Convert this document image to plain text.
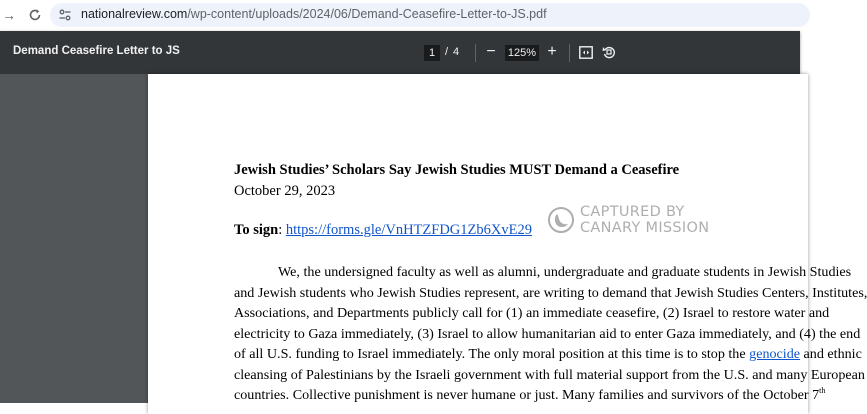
→	nationalreview.com/wp-content/uploads/2024/06/Demand-Ceasefire-Letter-to-JS.pdf
Demand Ceasefire Letter to JS	1 / 4 − 125% +
Jewish Studies’ Scholars Say Jewish Studies MUST Demand a Ceasefire
October 29, 2023
To sign: https://forms.gle/VnHTZFDG1Zb6XvE29
We, the undersigned faculty as well as alumni, undergraduate and graduate students in Jewish Studies
and Jewish students who Jewish Studies represent, are writing to demand that Jewish Studies Centers, Institutes,
Associations, and Departments publicly call for (1) an immediate ceasefire, (2) Israel to restore water and
electricity to Gaza immediately, (3) Israel to allow humanitarian aid to enter Gaza immediately, and (4) the end
of all U.S. funding to Israel immediately. The only moral position at this time is to stop the genocide and ethnic
cleansing of Palestinians by the Israeli government with full material support from the U.S. and many European
countries. Collective punishment is never humane or just. Many families and survivors of the October 7th
CAPTURED BY
CANARY MISSION
